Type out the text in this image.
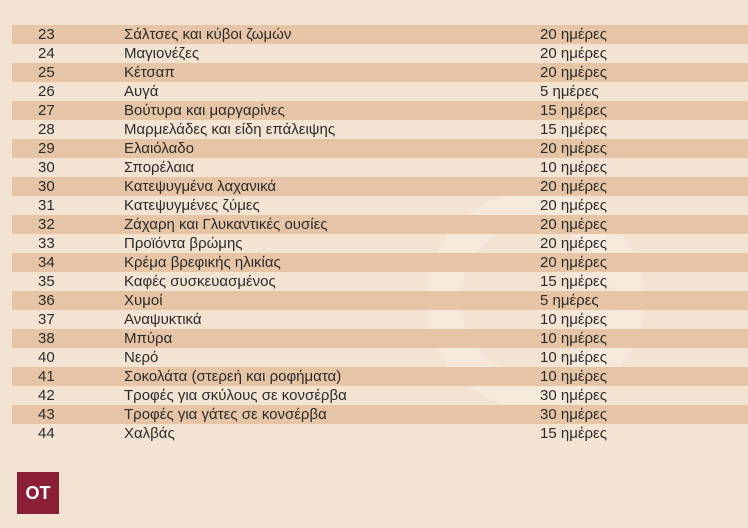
23	Σάλτσες και κύβοι ζωμών	20 ημέρες
24	Μαγιονέζες	20 ημέρες
25	Κέτσαπ	20 ημέρες
26	Αυγά	5 ημέρες
27	Βούτυρα και μαργαρίνες	15 ημέρες
28	Μαρμελάδες και είδη επάλειψης	15 ημέρες
29	Ελαιόλαδο	20 ημέρες
30	Σπορέλαια	10 ημέρες
30	Κατεψυγμένα λαχανικά	20 ημέρες
31	Κατεψυγμένες ζύμες	20 ημέρες
32	Ζάχαρη και Γλυκαντικές ουσίες	20 ημέρες
33	Προϊόντα βρώμης	20 ημέρες
34	Κρέμα βρεφικής ηλικίας	20 ημέρες
35	Καφές συσκευασμένος	15 ημέρες
36	Χυμοί	5 ημέρες
37	Αναψυκτικά	10 ημέρες
38	Μπύρα	10 ημέρες
40	Νερό	10 ημέρες
41	Σοκολάτα (στερεή και ροφήματα)	10 ημέρες
42	Τροφές για σκύλους σε κονσέρβα	30 ημέρες
43	Τροφές για γάτες σε κονσέρβα	30 ημέρες
44	Χαλβάς	15 ημέρες
OT
